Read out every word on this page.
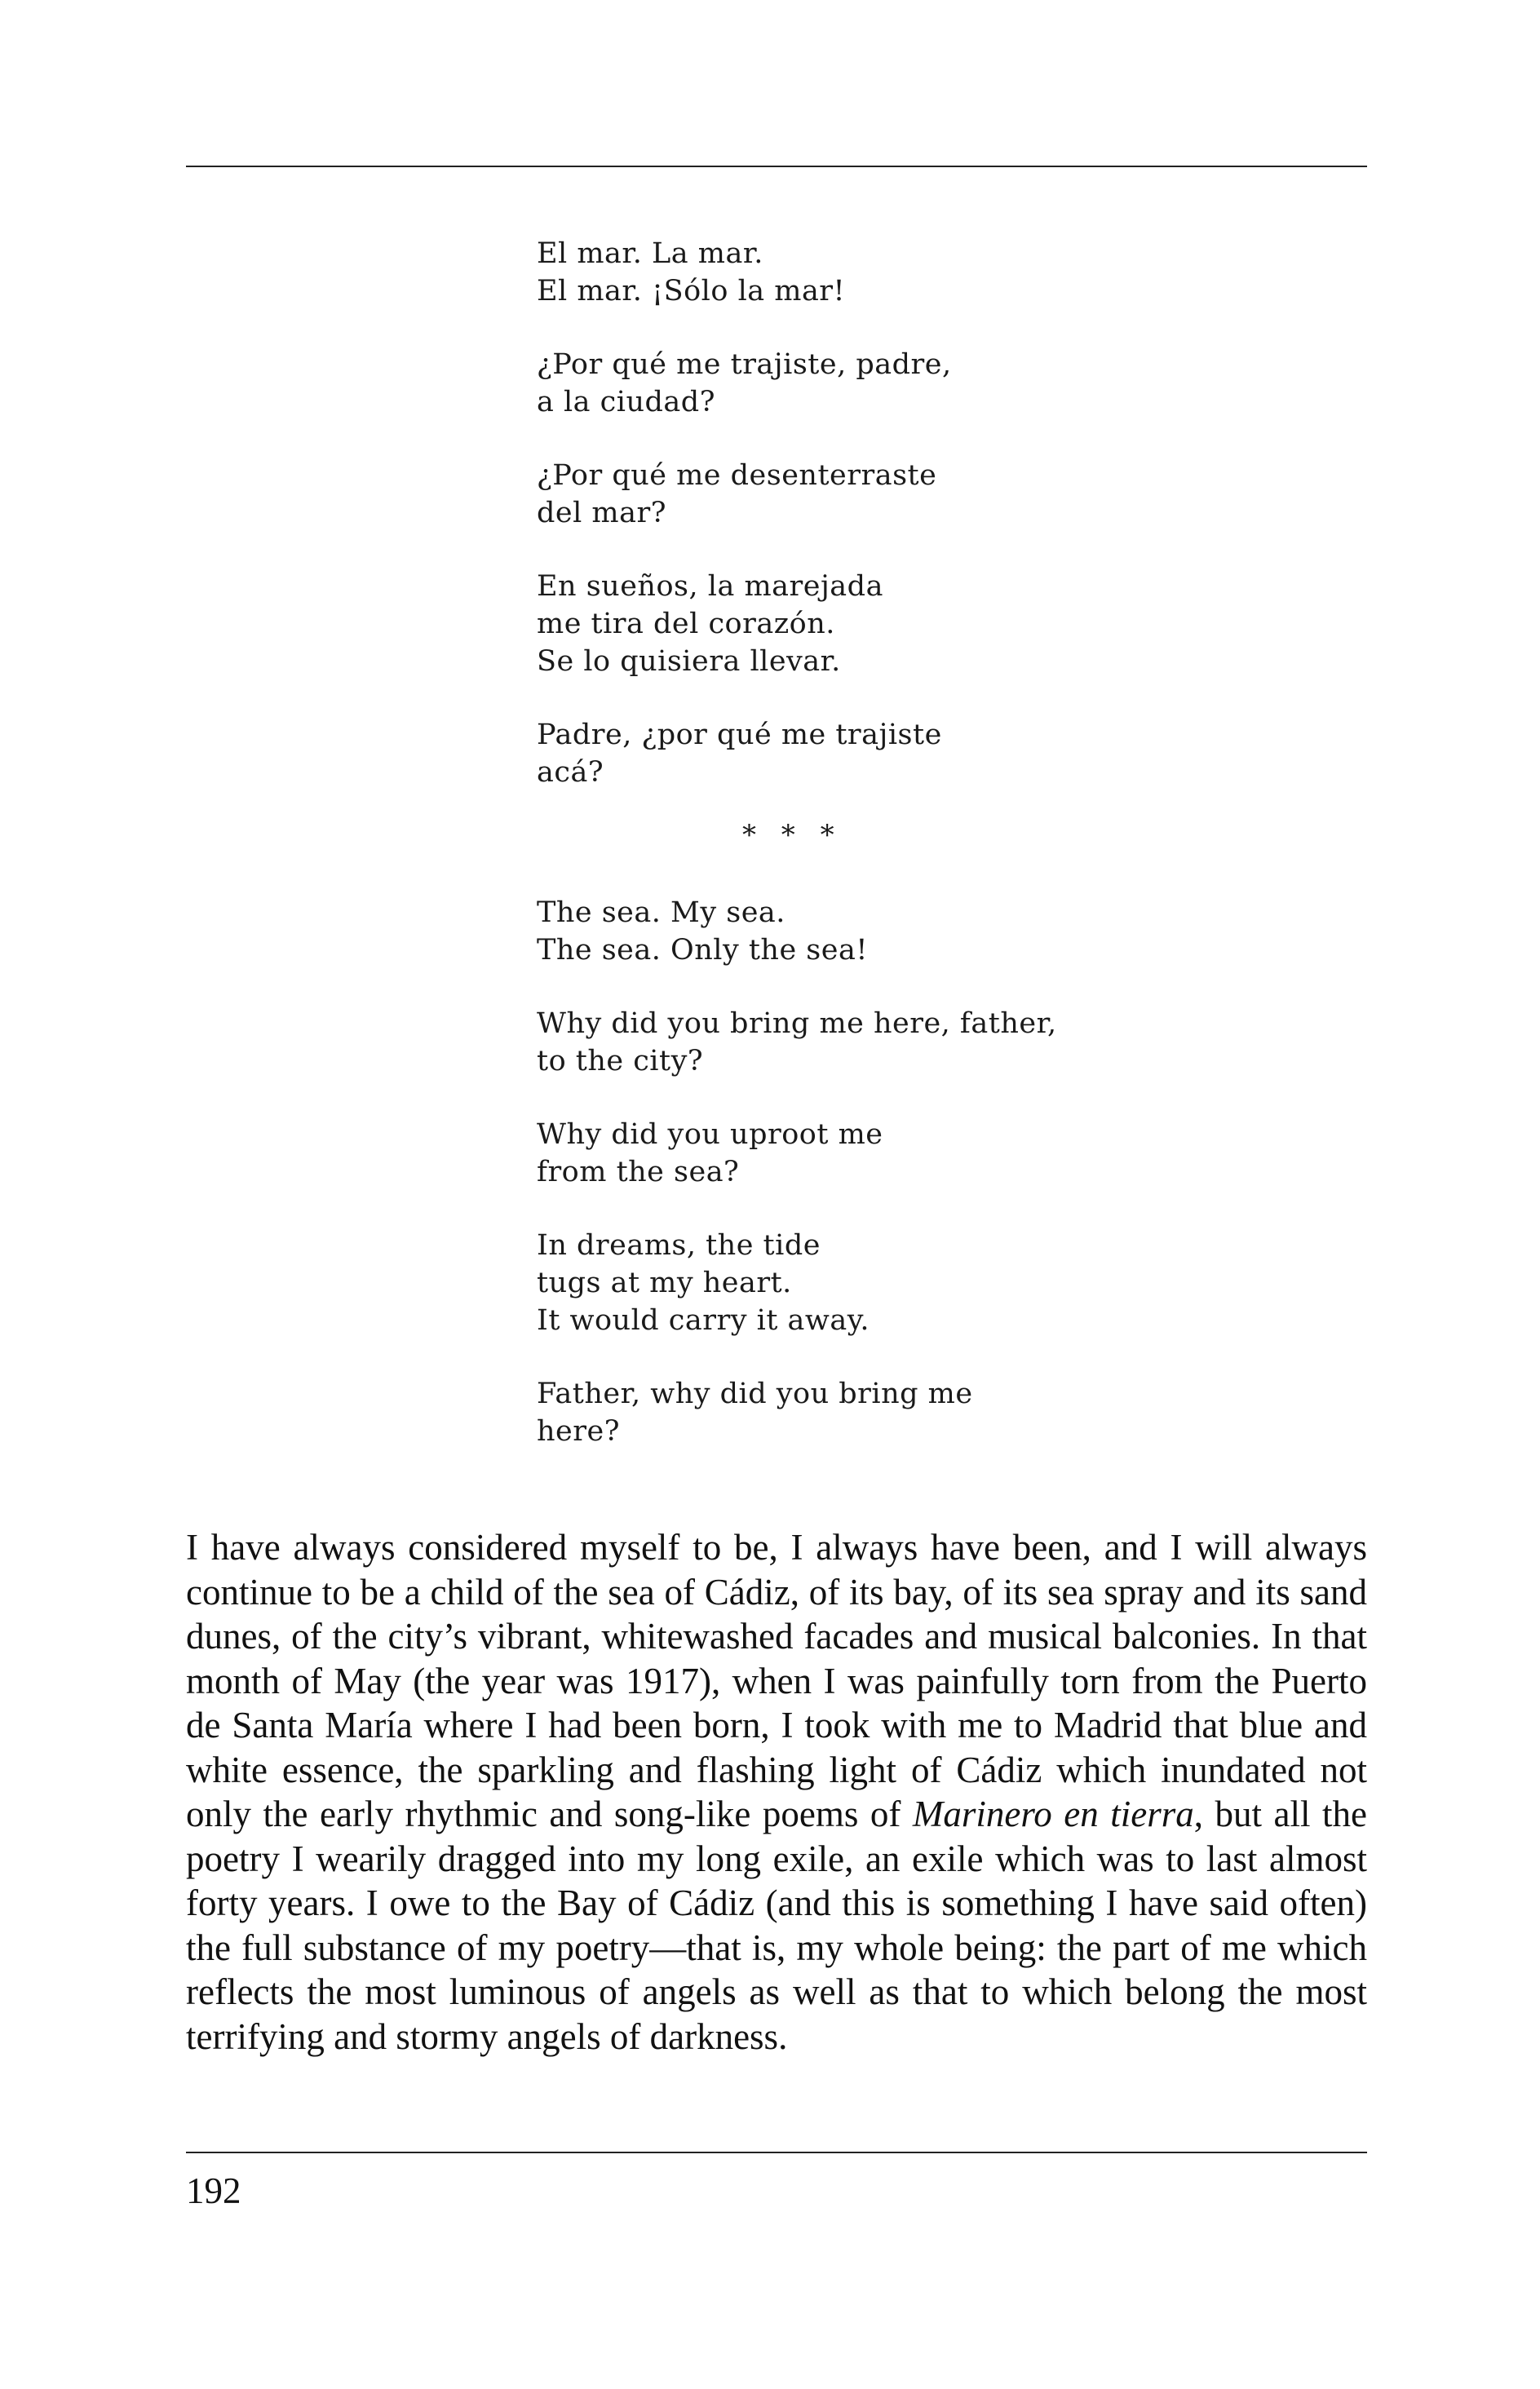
El mar. La mar.
El mar. ¡Sólo la mar!
¿Por qué me trajiste, padre,
a la ciudad?
¿Por qué me desenterraste
del mar?
En sueños, la marejada
me tira del corazón.
Se lo quisiera llevar.
Padre, ¿por qué me trajiste
acá?
* * *
The sea. My sea.
The sea. Only the sea!
Why did you bring me here, father,
to the city?
Why did you uproot me
from the sea?
In dreams, the tide
tugs at my heart.
It would carry it away.
Father, why did you bring me
here?

I have always considered myself to be, I always have been, and I will always continue to be a child of the sea of Cádiz, of its bay, of its sea spray and its sand dunes, of the city’s vibrant, whitewashed facades and musical balconies. In that month of May (the year was 1917), when I was painfully torn from the Puerto de Santa María where I had been born, I took with me to Madrid that blue and white essence, the sparkling and flashing light of Cádiz which inundated not only the early rhythmic and song-like poems of Marinero en tierra, but all the poetry I wearily dragged into my long exile, an exile which was to last almost forty years. I owe to the Bay of Cádiz (and this is something I have said often) the full substance of my poetry—that is, my whole being: the part of me which reflects the most luminous of angels as well as that to which belong the most terrifying and stormy angels of darkness.

192
